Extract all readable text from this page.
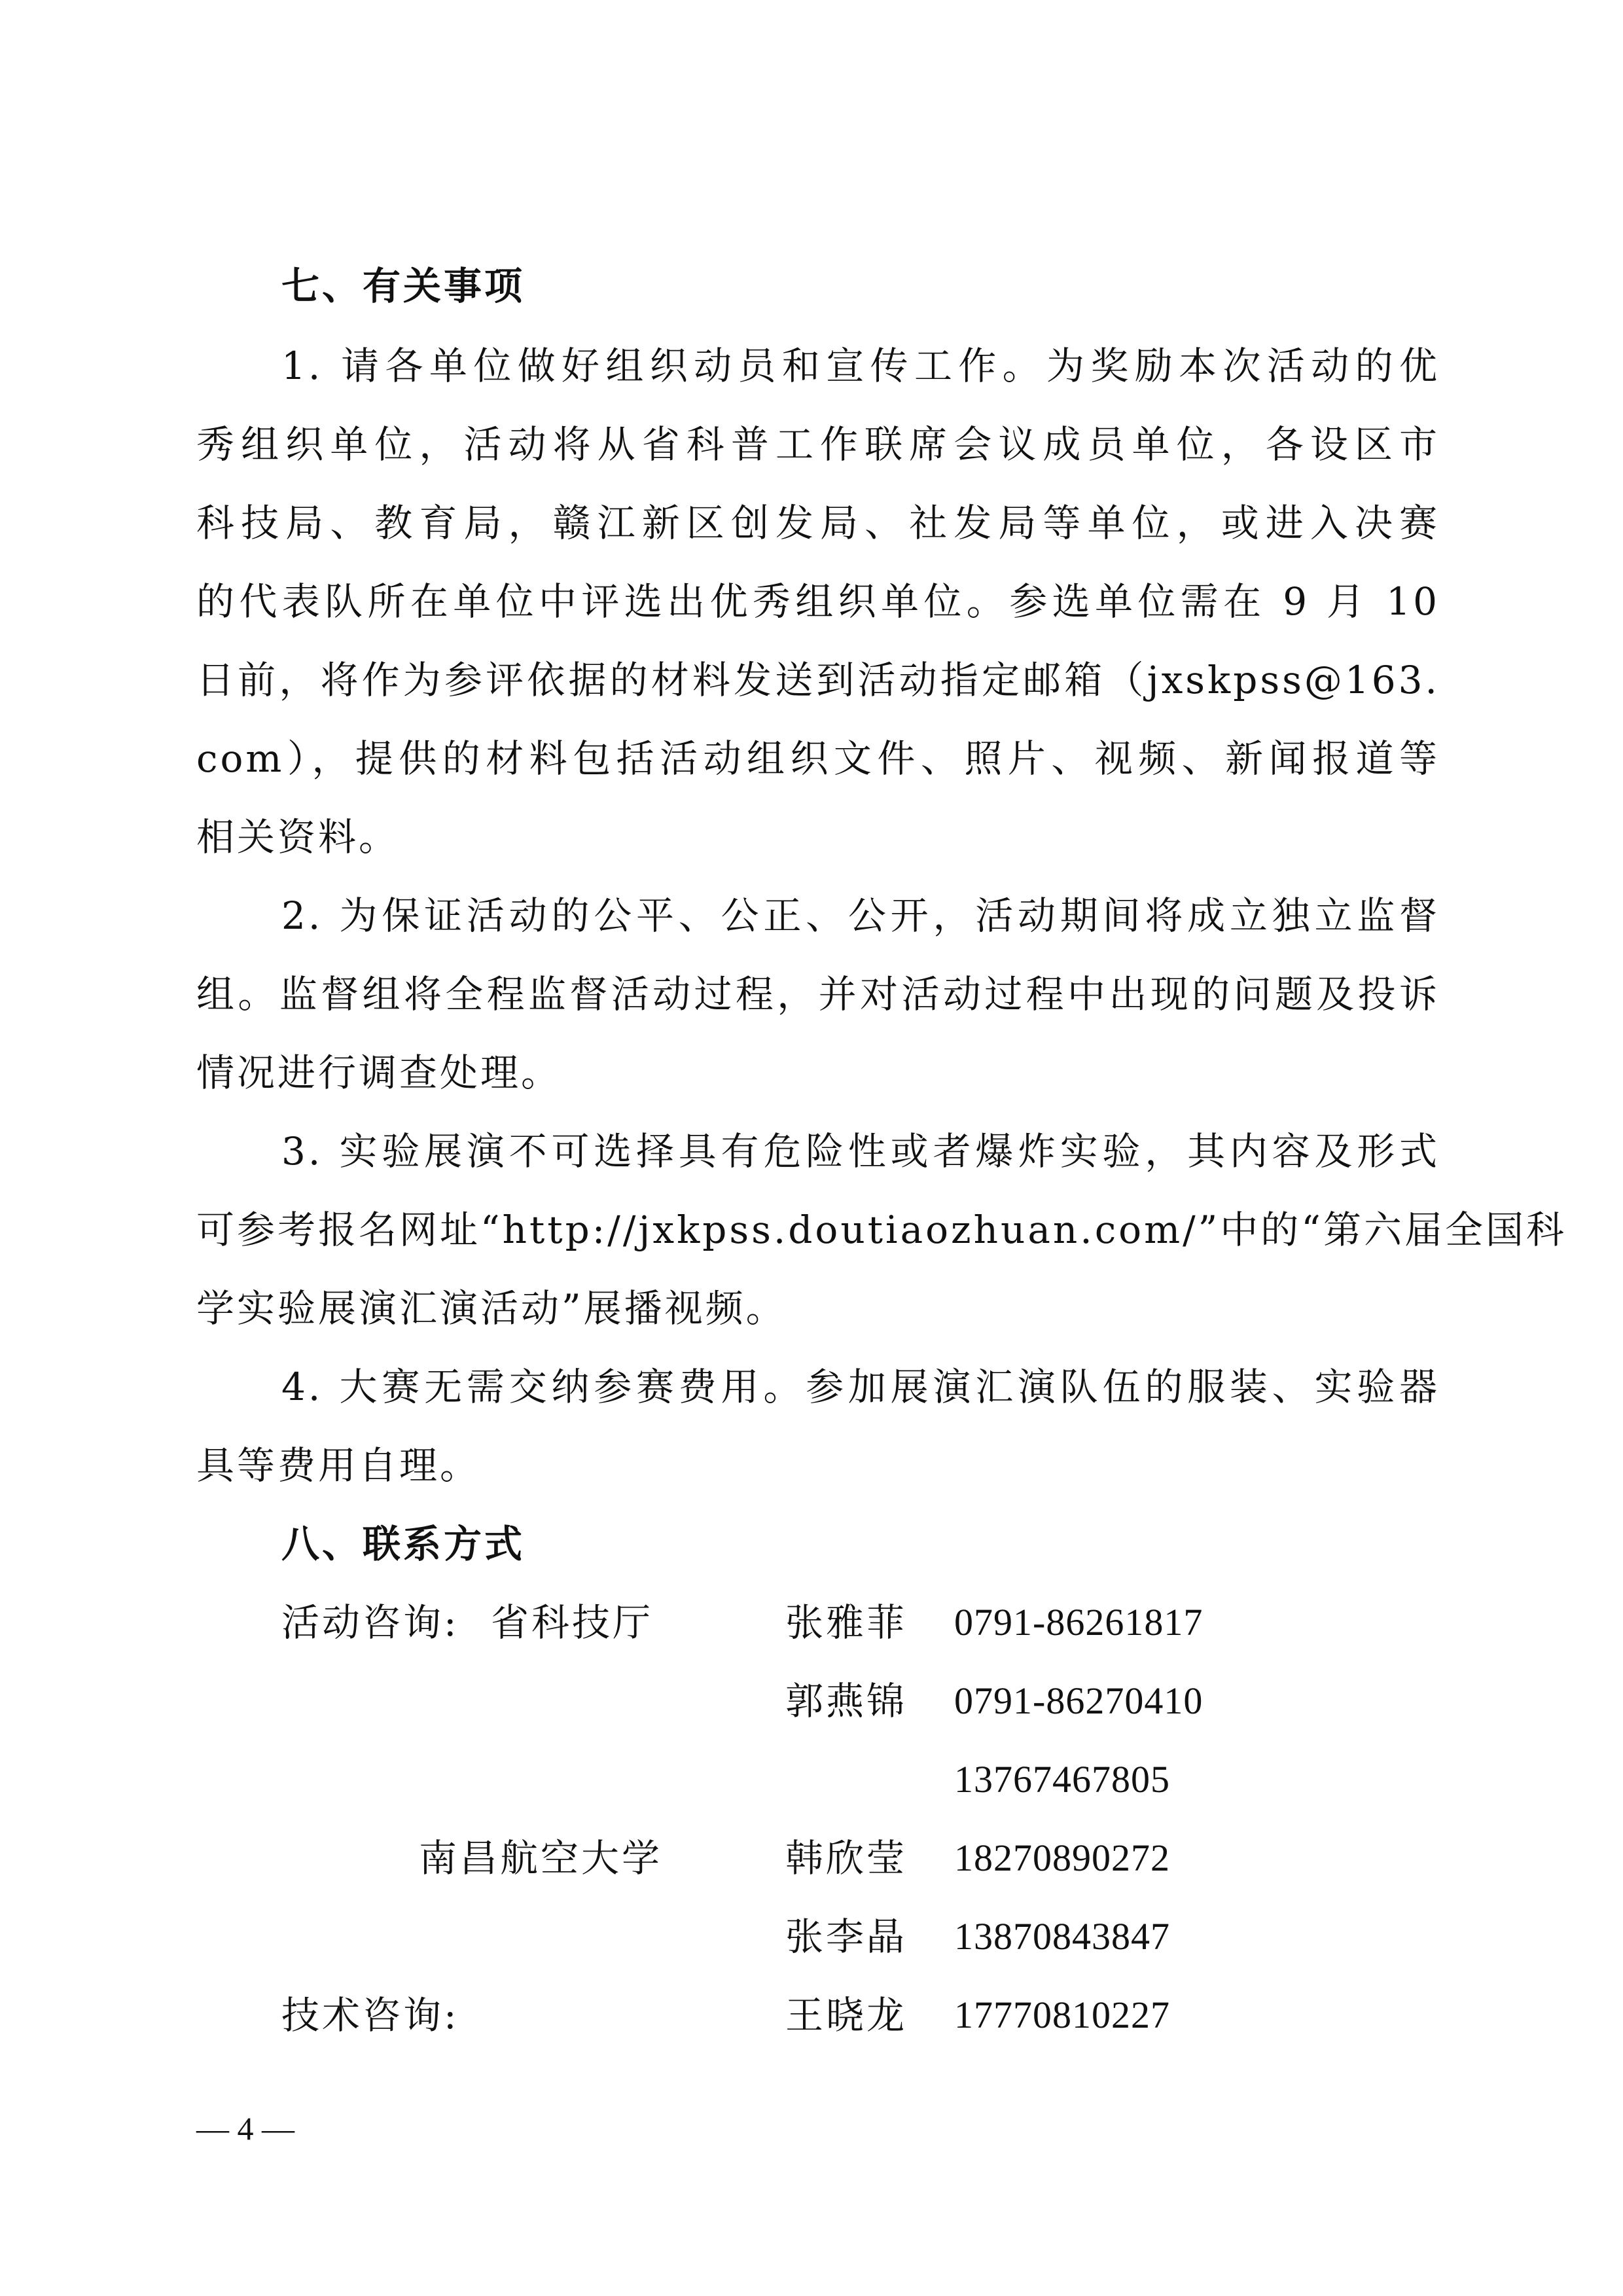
七、有关事项
1. 请各单位做好组织动员和宣传工作。为奖励本次活动的优
秀组织单位，活动将从省科普工作联席会议成员单位，各设区市
科技局、教育局，赣江新区创发局、社发局等单位，或进入决赛
的代表队所在单位中评选出优秀组织单位。参选单位需在 9 月 10
日前，将作为参评依据的材料发送到活动指定邮箱（jxskpss@163.
com），提供的材料包括活动组织文件、照片、视频、新闻报道等
相关资料。
2. 为保证活动的公平、公正、公开，活动期间将成立独立监督
组。监督组将全程监督活动过程，并对活动过程中出现的问题及投诉
情况进行调查处理。
3. 实验展演不可选择具有危险性或者爆炸实验，其内容及形式
可参考报名网址“http://jxkpss.doutiaozhuan.com/”中的“第六届全国科
学实验展演汇演活动”展播视频。
4. 大赛无需交纳参赛费用。参加展演汇演队伍的服装、实验器
具等费用自理。
八、联系方式
活动咨询: 省科技厅	张雅菲 0791-86261817
郭燕锦 0791-86270410
13767467805
南昌航空大学	韩欣莹 18270890272
张李晶 13870843847
技术咨询:	王晓龙 17770810227
— 4 —
